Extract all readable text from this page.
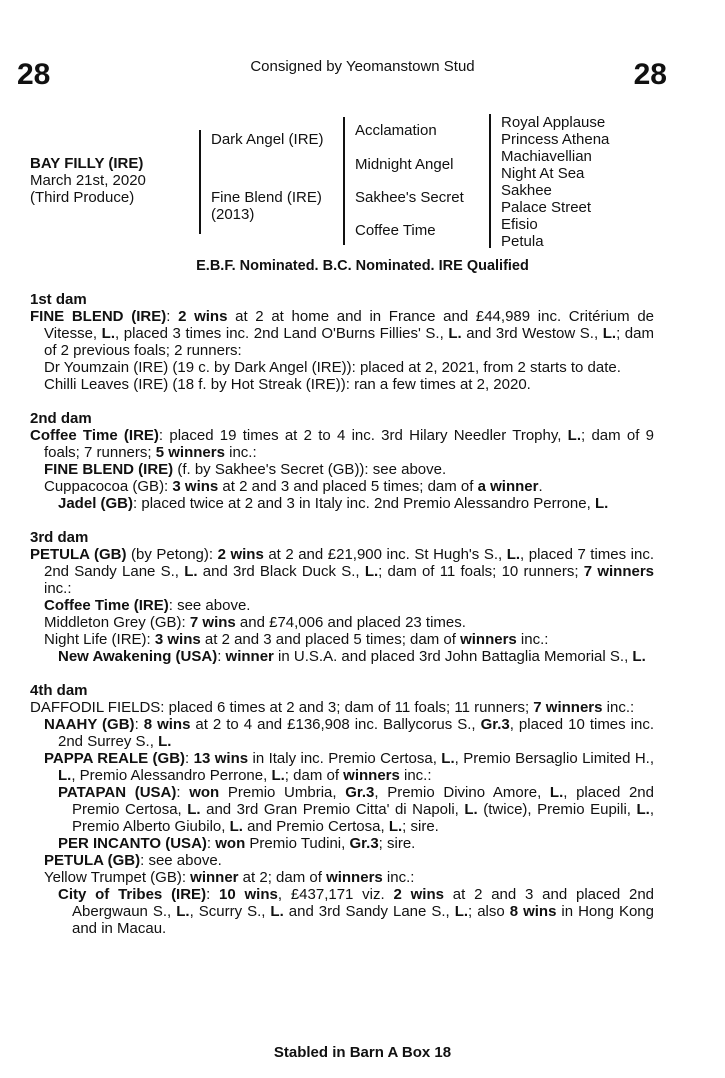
28	Consigned by Yeomanstown Stud	28
BAY FILLY (IRE)
March 21st, 2020
(Third Produce)
Dark Angel (IRE)
Fine Blend (IRE) (2013)
Acclamation
Midnight Angel
Sakhee's Secret
Coffee Time
Royal Applause
Princess Athena
Machiavellian
Night At Sea
Sakhee
Palace Street
Efisio
Petula
E.B.F. Nominated. B.C. Nominated. IRE Qualified
1st dam
FINE BLEND (IRE): 2 wins at 2 at home and in France and £44,989 inc. Critérium de Vitesse, L., placed 3 times inc. 2nd Land O'Burns Fillies' S., L. and 3rd Westow S., L.; dam of 2 previous foals; 2 runners:
Dr Youmzain (IRE) (19 c. by Dark Angel (IRE)): placed at 2, 2021, from 2 starts to date.
Chilli Leaves (IRE) (18 f. by Hot Streak (IRE)): ran a few times at 2, 2020.
2nd dam
Coffee Time (IRE): placed 19 times at 2 to 4 inc. 3rd Hilary Needler Trophy, L.; dam of 9 foals; 7 runners; 5 winners inc.:
FINE BLEND (IRE) (f. by Sakhee's Secret (GB)): see above.
Cuppacocoa (GB): 3 wins at 2 and 3 and placed 5 times; dam of a winner.
Jadel (GB): placed twice at 2 and 3 in Italy inc. 2nd Premio Alessandro Perrone, L.
3rd dam
PETULA (GB) (by Petong): 2 wins at 2 and £21,900 inc. St Hugh's S., L., placed 7 times inc. 2nd Sandy Lane S., L. and 3rd Black Duck S., L.; dam of 11 foals; 10 runners; 7 winners inc.:
Coffee Time (IRE): see above.
Middleton Grey (GB): 7 wins and £74,006 and placed 23 times.
Night Life (IRE): 3 wins at 2 and 3 and placed 5 times; dam of winners inc.:
New Awakening (USA): winner in U.S.A. and placed 3rd John Battaglia Memorial S., L.
4th dam
DAFFODIL FIELDS: placed 6 times at 2 and 3; dam of 11 foals; 11 runners; 7 winners inc.:
NAAHY (GB): 8 wins at 2 to 4 and £136,908 inc. Ballycorus S., Gr.3, placed 10 times inc. 2nd Surrey S., L.
PAPPA REALE (GB): 13 wins in Italy inc. Premio Certosa, L., Premio Bersaglio Limited H., L., Premio Alessandro Perrone, L.; dam of winners inc.:
PATAPAN (USA): won Premio Umbria, Gr.3, Premio Divino Amore, L., placed 2nd Premio Certosa, L. and 3rd Gran Premio Citta' di Napoli, L. (twice), Premio Eupili, L., Premio Alberto Giubilo, L. and Premio Certosa, L.; sire.
PER INCANTO (USA): won Premio Tudini, Gr.3; sire.
PETULA (GB): see above.
Yellow Trumpet (GB): winner at 2; dam of winners inc.:
City of Tribes (IRE): 10 wins, £437,171 viz. 2 wins at 2 and 3 and placed 2nd Abergwaun S., L., Scurry S., L. and 3rd Sandy Lane S., L.; also 8 wins in Hong Kong and in Macau.
Stabled in Barn A Box 18
